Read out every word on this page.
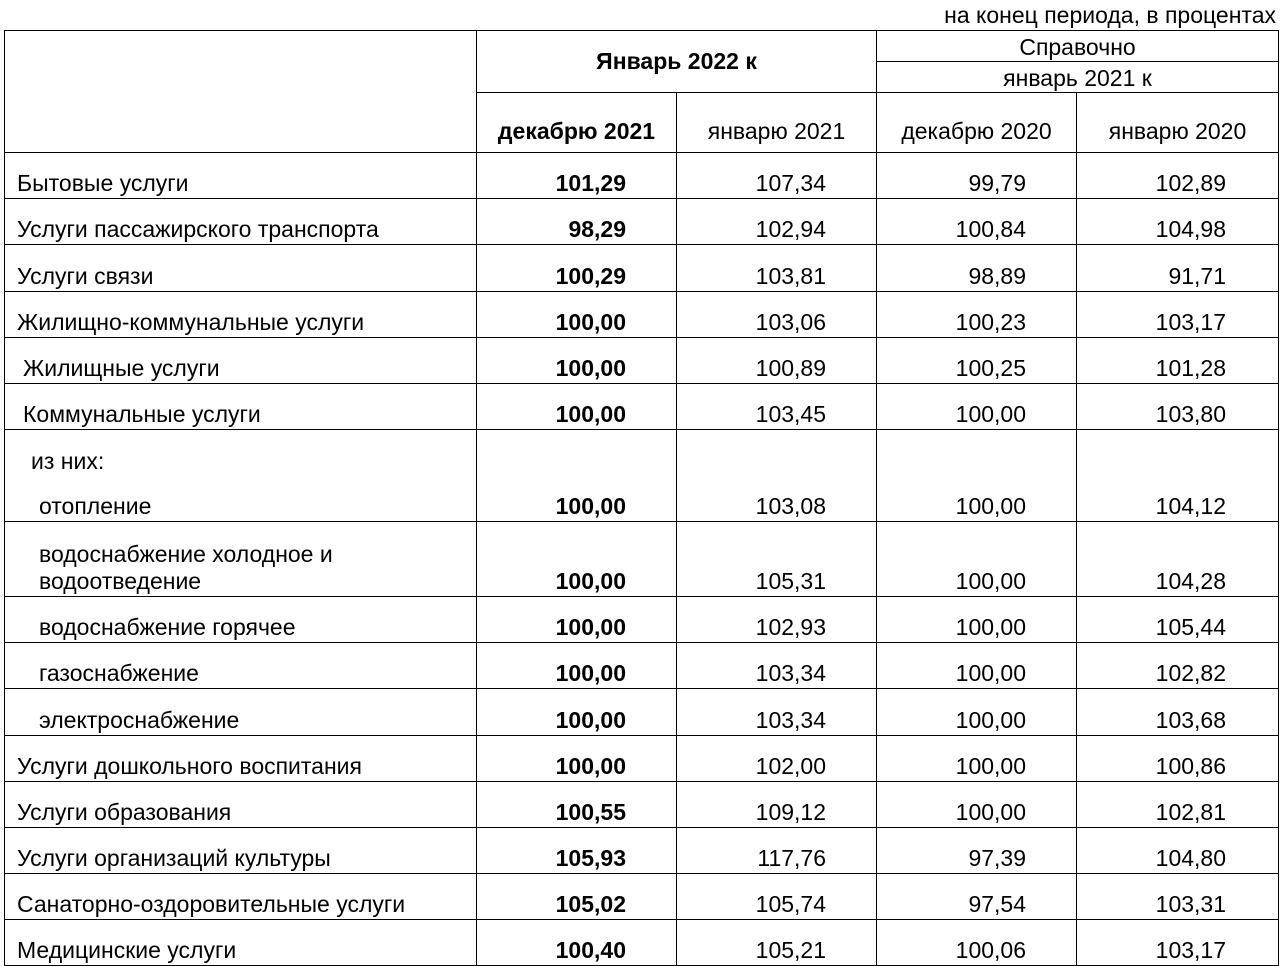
на конец периода, в процентах
	Январь 2022 к		Справочно	
			январь 2021 к	
	декабрю 2021	январю 2021	декабрю 2020	январю 2020
Бытовые услуги	101,29	107,34	99,79	102,89
Услуги пассажирского транспорта	98,29	102,94	100,84	104,98
Услуги связи	100,29	103,81	98,89	91,71
Жилищно-коммунальные услуги	100,00	103,06	100,23	103,17
Жилищные услуги	100,00	100,89	100,25	101,28
Коммунальные услуги	100,00	103,45	100,00	103,80

из них:
отопление	100,00	103,08	100,00	104,12

водоснабжение холодное и
водоотведение	100,00	105,31	100,00	104,28
водоснабжение горячее	100,00	102,93	100,00	105,44
газоснабжение	100,00	103,34	100,00	102,82
электроснабжение	100,00	103,34	100,00	103,68
Услуги дошкольного воспитания	100,00	102,00	100,00	100,86
Услуги образования	100,55	109,12	100,00	102,81
Услуги организаций культуры	105,93	117,76	97,39	104,80
Санаторно-оздоровительные услуги	105,02	105,74	97,54	103,31
Медицинские услуги	100,40	105,21	100,06	103,17
